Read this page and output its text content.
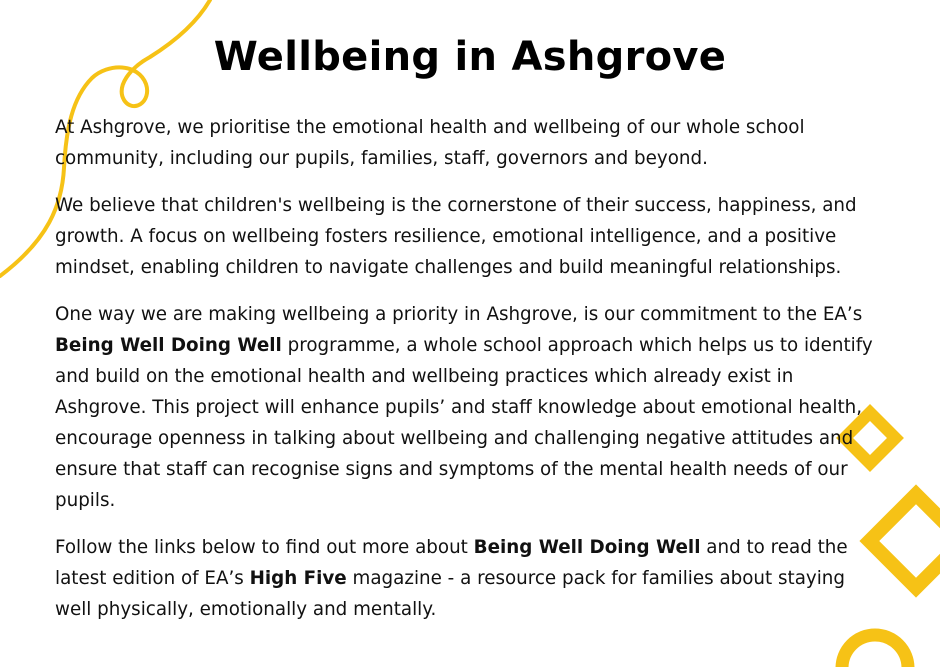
Wellbeing in Ashgrove

At Ashgrove, we prioritise the emotional health and wellbeing of our whole school community, including our pupils, families, staff, governors and beyond.

We believe that children's wellbeing is the cornerstone of their success, happiness, and growth. A focus on wellbeing fosters resilience, emotional intelligence, and a positive mindset, enabling children to navigate challenges and build meaningful relationships.

One way we are making wellbeing a priority in Ashgrove, is our commitment to the EA’s Being Well Doing Well programme, a whole school approach which helps us to identify and build on the emotional health and wellbeing practices which already exist in Ashgrove. This project will enhance pupils’ and staff knowledge about emotional health, encourage openness in talking about wellbeing and challenging negative attitudes and ensure that staff can recognise signs and symptoms of the mental health needs of our pupils.

Follow the links below to find out more about Being Well Doing Well and to read the latest edition of EA’s High Five magazine - a resource pack for families about staying well physically, emotionally and mentally.
